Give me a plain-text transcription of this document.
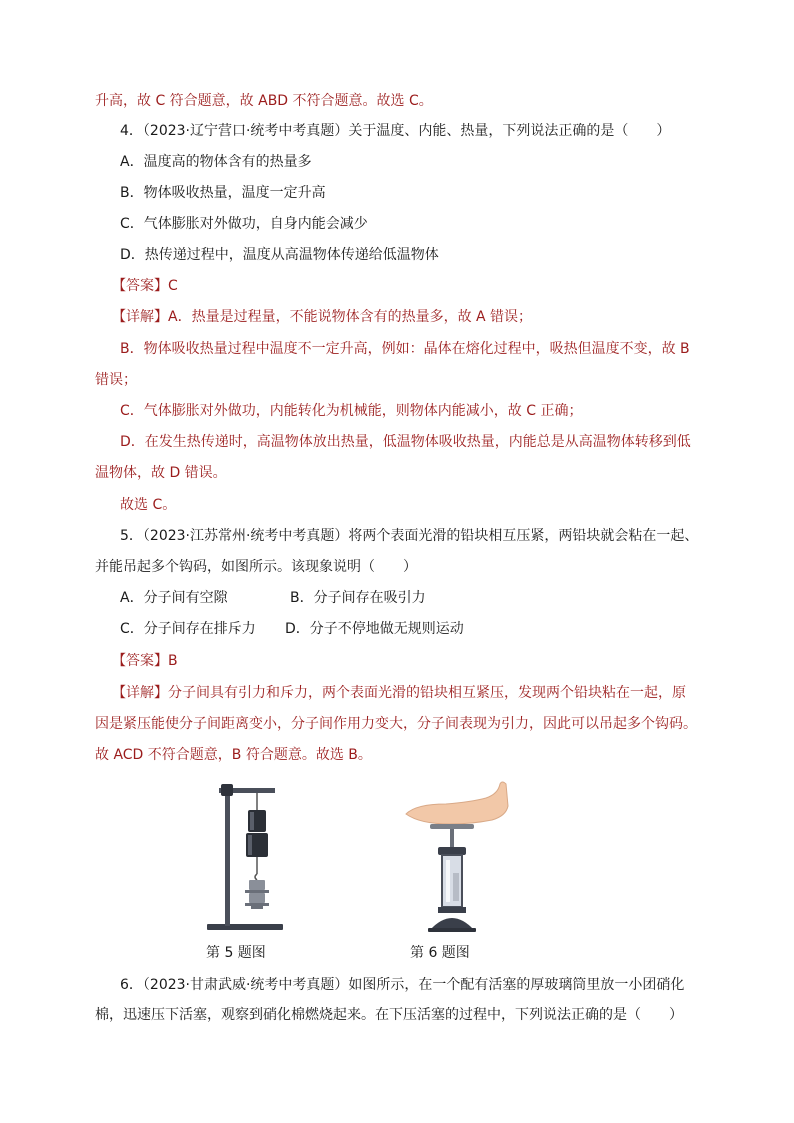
升高，故 C 符合题意，故 ABD 不符合题意。故选 C。
4．（2023·辽宁营口·统考中考真题）关于温度、内能、热量，下列说法正确的是（　　）
A．温度高的物体含有的热量多
B．物体吸收热量，温度一定升高
C．气体膨胀对外做功，自身内能会减少
D．热传递过程中，温度从高温物体传递给低温物体
【答案】C
【详解】A．热量是过程量，不能说物体含有的热量多，故 A 错误；
B．物体吸收热量过程中温度不一定升高，例如：晶体在熔化过程中，吸热但温度不变，故 B
错误；
C．气体膨胀对外做功，内能转化为机械能，则物体内能减小，故 C 正确；
D．在发生热传递时，高温物体放出热量，低温物体吸收热量，内能总是从高温物体转移到低
温物体，故 D 错误。
故选 C。
5．（2023·江苏常州·统考中考真题）将两个表面光滑的铅块相互压紧，两铅块就会粘在一起、
并能吊起多个钩码，如图所示。该现象说明（　　）
A．分子间有空隙	B．分子间存在吸引力
C．分子间存在排斥力 D．分子不停地做无规则运动
【答案】B
【详解】分子间具有引力和斥力，两个表面光滑的铅块相互紧压，发现两个铅块粘在一起，原
因是紧压能使分子间距离变小，分子间作用力变大，分子间表现为引力，因此可以吊起多个钩码。
故 ACD 不符合题意，B 符合题意。故选 B。
第 5 题图	第 6 题图
6．（2023·甘肃武威·统考中考真题）如图所示，在一个配有活塞的厚玻璃筒里放一小团硝化
棉，迅速压下活塞，观察到硝化棉燃烧起来。在下压活塞的过程中，下列说法正确的是（　　）
